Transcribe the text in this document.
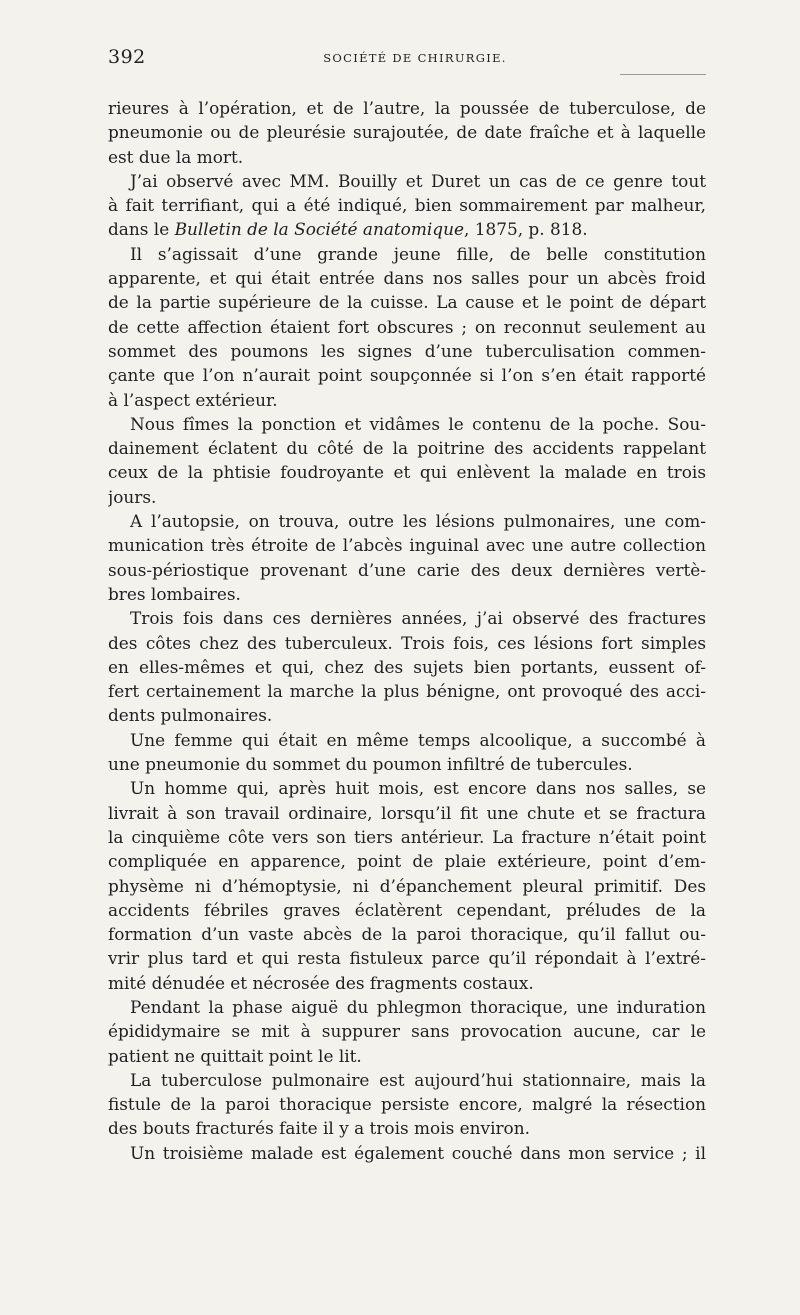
392	SOCIÉTÉ DE CHIRURGIE.
rieures à l’opération, et de l’autre, la poussée de tuberculose, de
pneumonie ou de pleurésie surajoutée, de date fraîche et à laquelle
est due la mort.
J’ai observé avec MM. Bouilly et Duret un cas de ce genre tout
à fait terrifiant, qui a été indiqué, bien sommairement par malheur,
dans le Bulletin de la Société anatomique, 1875, p. 818.
Il s’agissait d’une grande jeune fille, de belle constitution
apparente, et qui était entrée dans nos salles pour un abcès froid
de la partie supérieure de la cuisse. La cause et le point de départ
de cette affection étaient fort obscures ; on reconnut seulement au
sommet des poumons les signes d’une tuberculisation commen-
çante que l’on n’aurait point soupçonnée si l’on s’en était rapporté
à l’aspect extérieur.
Nous fîmes la ponction et vidâmes le contenu de la poche. Sou-
dainement éclatent du côté de la poitrine des accidents rappelant
ceux de la phtisie foudroyante et qui enlèvent la malade en trois
jours.
A l’autopsie, on trouva, outre les lésions pulmonaires, une com-
munication très étroite de l’abcès inguinal avec une autre collection
sous-périostique provenant d’une carie des deux dernières vertè-
bres lombaires.
Trois fois dans ces dernières années, j’ai observé des fractures
des côtes chez des tuberculeux. Trois fois, ces lésions fort simples
en elles-mêmes et qui, chez des sujets bien portants, eussent of-
fert certainement la marche la plus bénigne, ont provoqué des acci-
dents pulmonaires.
Une femme qui était en même temps alcoolique, a succombé à
une pneumonie du sommet du poumon infiltré de tubercules.
Un homme qui, après huit mois, est encore dans nos salles, se
livrait à son travail ordinaire, lorsqu’il fit une chute et se fractura
la cinquième côte vers son tiers antérieur. La fracture n’était point
compliquée en apparence, point de plaie extérieure, point d’em-
physème ni d’hémoptysie, ni d’épanchement pleural primitif. Des
accidents fébriles graves éclatèrent cependant, préludes de la
formation d’un vaste abcès de la paroi thoracique, qu’il fallut ou-
vrir plus tard et qui resta fistuleux parce qu’il répondait à l’extré-
mité dénudée et nécrosée des fragments costaux.
Pendant la phase aiguë du phlegmon thoracique, une induration
épididymaire se mit à suppurer sans provocation aucune, car le
patient ne quittait point le lit.
La tuberculose pulmonaire est aujourd’hui stationnaire, mais la
fistule de la paroi thoracique persiste encore, malgré la résection
des bouts fracturés faite il y a trois mois environ.
Un troisième malade est également couché dans mon service ; il
